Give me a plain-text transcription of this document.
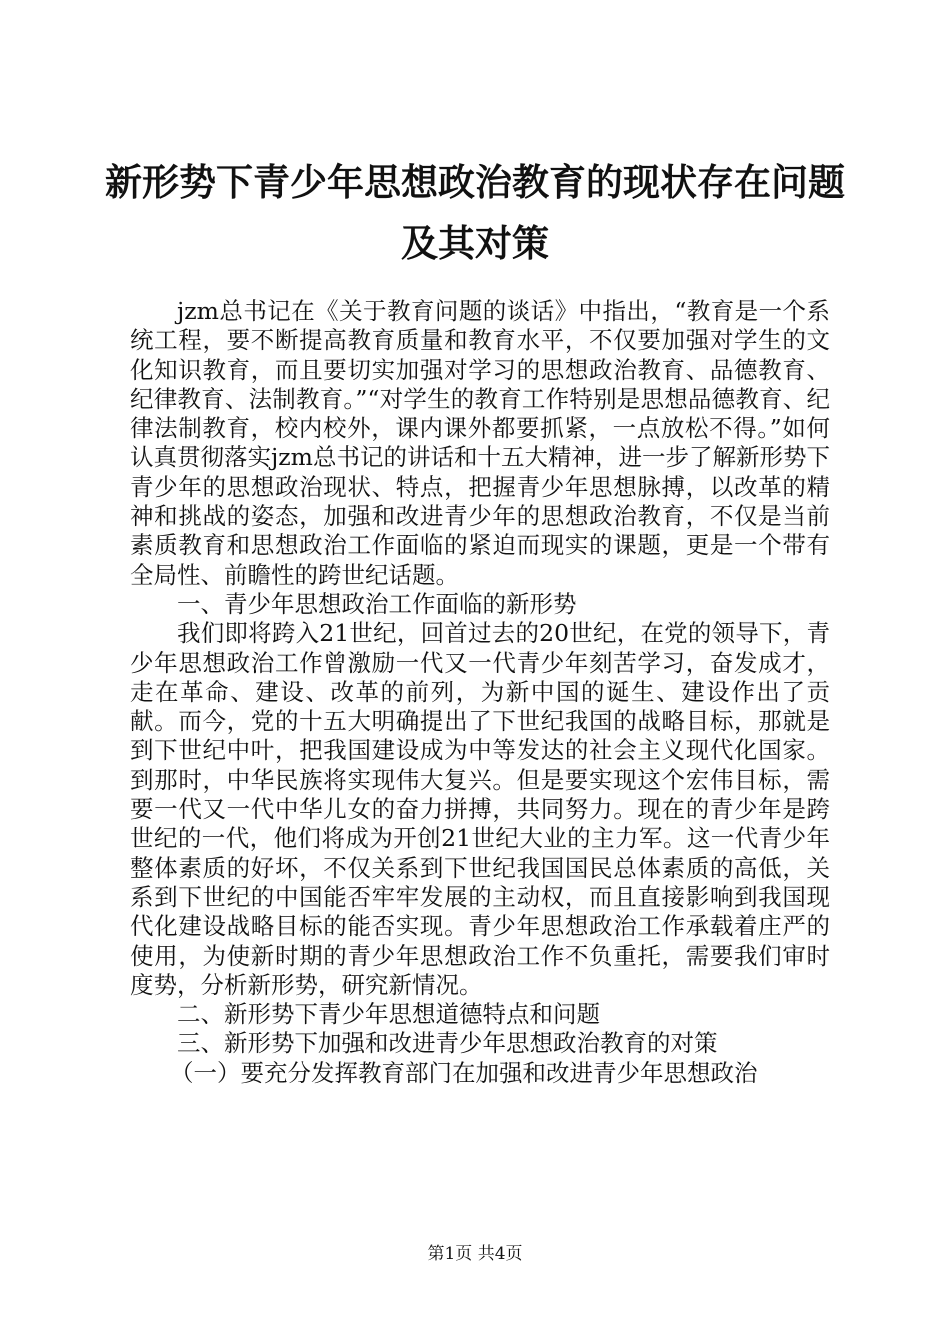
新形势下青少年思想政治教育的现状存在问题
及其对策

jzm总书记在《关于教育问题的谈话》中指出，“教育是一个系统工程，要不断提高教育质量和教育水平，不仅要加强对学生的文化知识教育，而且要切实加强对学习的思想政治教育、品德教育、纪律教育、法制教育。”“对学生的教育工作特别是思想品德教育、纪律法制教育，校内校外，课内课外都要抓紧，一点放松不得。”如何认真贯彻落实jzm总书记的讲话和十五大精神，进一步了解新形势下青少年的思想政治现状、特点，把握青少年思想脉搏，以改革的精神和挑战的姿态，加强和改进青少年的思想政治教育，不仅是当前素质教育和思想政治工作面临的紧迫而现实的课题，更是一个带有全局性、前瞻性的跨世纪话题。

一、青少年思想政治工作面临的新形势

我们即将跨入21世纪，回首过去的20世纪，在党的领导下，青少年思想政治工作曾激励一代又一代青少年刻苦学习，奋发成才，走在革命、建设、改革的前列，为新中国的诞生、建设作出了贡献。而今，党的十五大明确提出了下世纪我国的战略目标，那就是到下世纪中叶，把我国建设成为中等发达的社会主义现代化国家。到那时，中华民族将实现伟大复兴。但是要实现这个宏伟目标，需要一代又一代中华儿女的奋力拼搏，共同努力。现在的青少年是跨世纪的一代，他们将成为开创21世纪大业的主力军。这一代青少年整体素质的好坏，不仅关系到下世纪我国国民总体素质的高低，关系到下世纪的中国能否牢牢发展的主动权，而且直接影响到我国现代化建设战略目标的能否实现。青少年思想政治工作承载着庄严的使用，为使新时期的青少年思想政治工作不负重托，需要我们审时度势，分析新形势，研究新情况。

二、新形势下青少年思想道德特点和问题

三、新形势下加强和改进青少年思想政治教育的对策

（一）要充分发挥教育部门在加强和改进青少年思想政治

第1页 共4页
